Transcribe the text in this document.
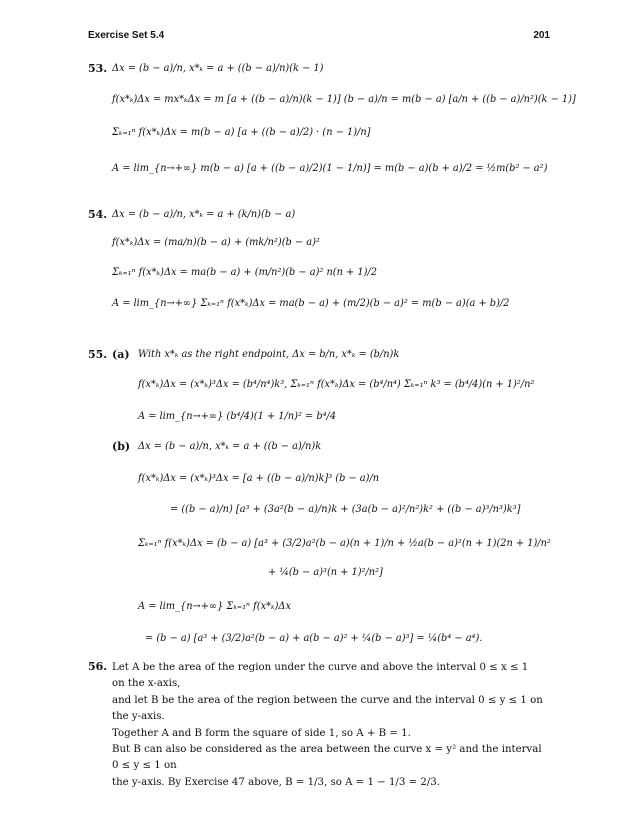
Exercise Set 5.4	201
53. Δx = (b − a)/n, x*ₖ = a + ((b − a)/n)(k − 1)
f(x*ₖ)Δx = mx*ₖΔx = m [a + ((b − a)/n)(k − 1)] (b − a)/n = m(b − a) [a/n + ((b − a)/n²)(k − 1)]
Σₖ₌₁ⁿ f(x*ₖ)Δx = m(b − a) [a + ((b − a)/2) · (n − 1)/n]
A = lim_{n→+∞} m(b − a) [a + ((b − a)/2)(1 − 1/n)] = m(b − a)(b + a)/2 = ½m(b² − a²)
54. Δx = (b − a)/n, x*ₖ = a + (k/n)(b − a)
f(x*ₖ)Δx = (ma/n)(b − a) + (mk/n²)(b − a)²
Σₖ₌₁ⁿ f(x*ₖ)Δx = ma(b − a) + (m/n²)(b − a)² n(n + 1)/2
A = lim_{n→+∞} Σₖ₌₁ⁿ f(x*ₖ)Δx = ma(b − a) + (m/2)(b − a)² = m(b − a)(a + b)/2
55. (a) With x*ₖ as the right endpoint, Δx = b/n, x*ₖ = (b/n)k
f(x*ₖ)Δx = (x*ₖ)³Δx = (b⁴/n⁴)k³, Σₖ₌₁ⁿ f(x*ₖ)Δx = (b⁴/n⁴) Σₖ₌₁ⁿ k³ = (b⁴/4)(n + 1)²/n²
A = lim_{n→+∞} (b⁴/4)(1 + 1/n)² = b⁴/4
(b) Δx = (b − a)/n, x*ₖ = a + ((b − a)/n)k
f(x*ₖ)Δx = (x*ₖ)³Δx = [a + ((b − a)/n)k]³ (b − a)/n
= ((b − a)/n) [a³ + (3a²(b − a)/n)k + (3a(b − a)²/n²)k² + ((b − a)³/n³)k³]
Σₖ₌₁ⁿ f(x*ₖ)Δx = (b − a) [a³ + (3/2)a²(b − a)(n + 1)/n + ½a(b − a)²(n + 1)(2n + 1)/n²
+ ¼(b − a)³(n + 1)²/n²]
A = lim_{n→+∞} Σₖ₌₁ⁿ f(x*ₖ)Δx
= (b − a) [a³ + (3/2)a²(b − a) + a(b − a)² + ¼(b − a)³] = ¼(b⁴ − a⁴).
56. Let A be the area of the region under the curve and above the interval 0 ≤ x ≤ 1 on the x-axis,
and let B be the area of the region between the curve and the interval 0 ≤ y ≤ 1 on the y-axis.
Together A and B form the square of side 1, so A + B = 1.
But B can also be considered as the area between the curve x = y² and the interval 0 ≤ y ≤ 1 on
the y-axis. By Exercise 47 above, B = 1/3, so A = 1 − 1/3 = 2/3.
